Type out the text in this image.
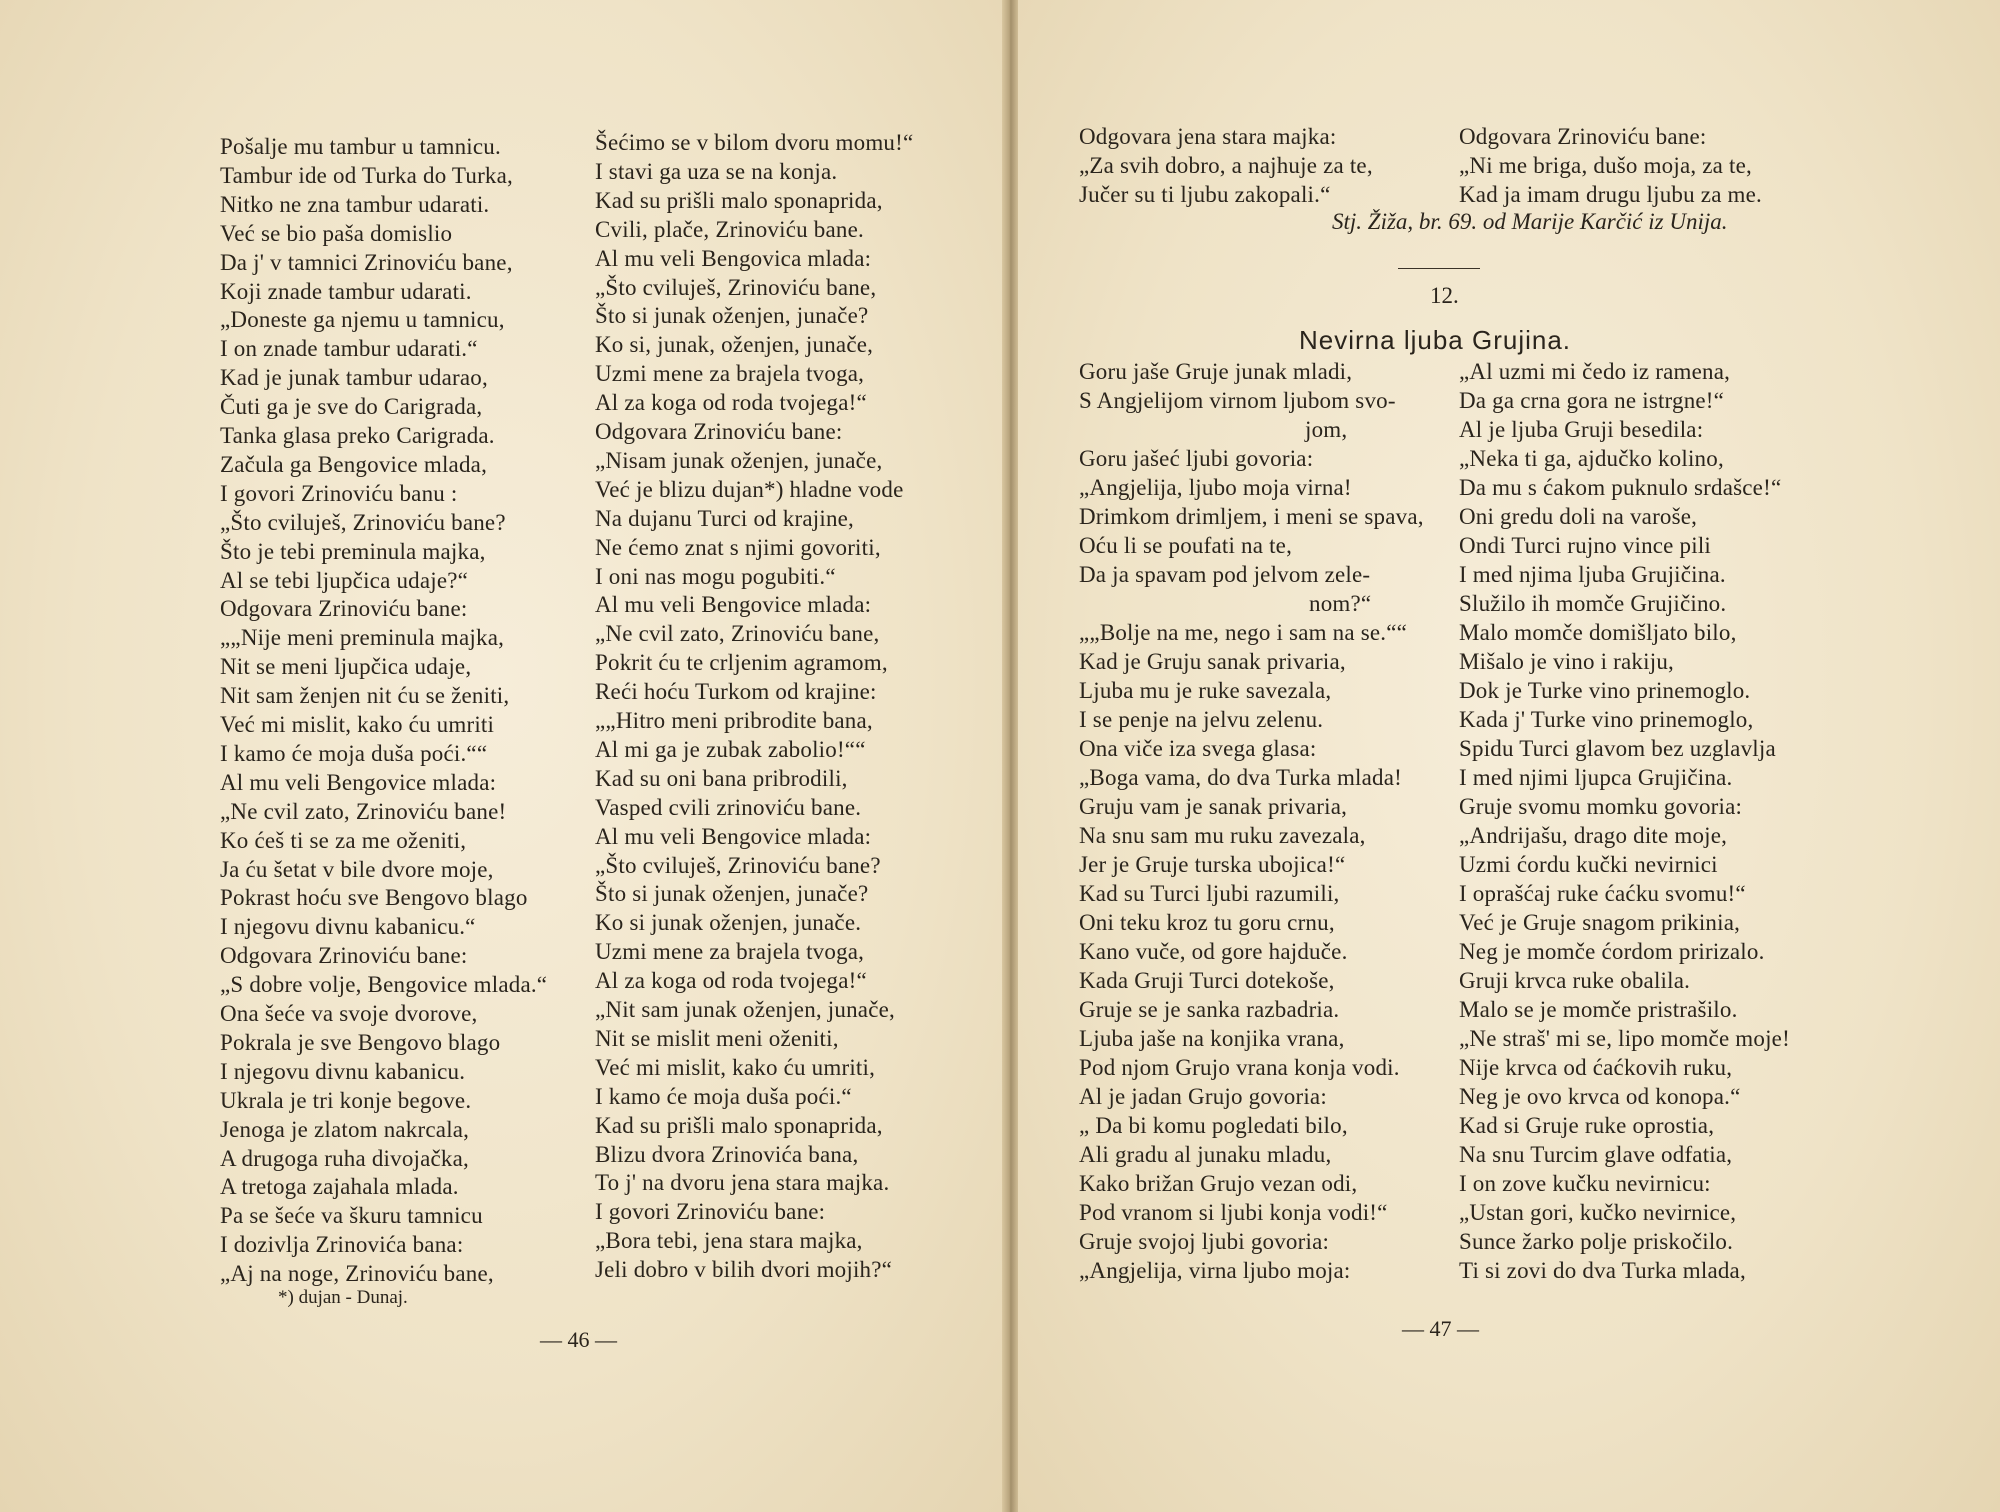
Pošalje mu tambur u tamnicu.
Tambur ide od Turka do Turka,
Nitko ne zna tambur udarati.
Već se bio paša domislio
Da j' v tamnici Zrinoviću bane,
Koji znade tambur udarati.
„Doneste ga njemu u tamnicu,
I on znade tambur udarati.“
Kad je junak tambur udarao,
Čuti ga je sve do Carigrada,
Tanka glasa preko Carigrada.
Začula ga Bengovice mlada,
I govori Zrinoviću banu :
„Što cviluješ, Zrinoviću bane?
Što je tebi preminula majka,
Al se tebi ljupčica udaje?“
Odgovara Zrinoviću bane:
„„Nije meni preminula majka,
Nit se meni ljupčica udaje,
Nit sam ženjen nit ću se ženiti,
Već mi mislit, kako ću umriti
I kamo će moja duša poći.““
Al mu veli Bengovice mlada:
„Ne cvil zato, Zrinoviću bane!
Ko ćeš ti se za me oženiti,
Ja ću šetat v bile dvore moje,
Pokrast hoću sve Bengovo blago
I njegovu divnu kabanicu.“
Odgovara Zrinoviću bane:
„S dobre volje, Bengovice mlada.“
Ona šeće va svoje dvorove,
Pokrala je sve Bengovo blago
I njegovu divnu kabanicu.
Ukrala je tri konje begove.
Jenoga je zlatom nakrcala,
A drugoga ruha divojačka,
A tretoga zajahala mlada.
Pa se šeće va škuru tamnicu
I dozivlja Zrinovića bana:
„Aj na noge, Zrinoviću bane,
Šećimo se v bilom dvoru momu!“
I stavi ga uza se na konja.
Kad su prišli malo sponaprida,
Cvili, plače, Zrinoviću bane.
Al mu veli Bengovica mlada:
„Što cviluješ, Zrinoviću bane,
Što si junak oženjen, junače?
Ko si, junak, oženjen, junače,
Uzmi mene za brajela tvoga,
Al za koga od roda tvojega!“
Odgovara Zrinoviću bane:
„Nisam junak oženjen, junače,
Već je blizu dujan*) hladne vode
Na dujanu Turci od krajine,
Ne ćemo znat s njimi govoriti,
I oni nas mogu pogubiti.“
Al mu veli Bengovice mlada:
„Ne cvil zato, Zrinoviću bane,
Pokrit ću te crljenim agramom,
Reći hoću Turkom od krajine:
„„Hitro meni pribrodite bana,
Al mi ga je zubak zabolio!““
Kad su oni bana pribrodili,
Vasped cvili zrinoviću bane.
Al mu veli Bengovice mlada:
„Što cviluješ, Zrinoviću bane?
Što si junak oženjen, junače?
Ko si junak oženjen, junače.
Uzmi mene za brajela tvoga,
Al za koga od roda tvojega!“
„Nit sam junak oženjen, junače,
Nit se mislit meni oženiti,
Već mi mislit, kako ću umriti,
I kamo će moja duša poći.“
Kad su prišli malo sponaprida,
Blizu dvora Zrinovića bana,
To j' na dvoru jena stara majka.
I govori Zrinoviću bane:
„Bora tebi, jena stara majka,
Jeli dobro v bilih dvori mojih?“
*) dujan - Dunaj.
— 46 —
Odgovara jena stara majka:
„Za svih dobro, a najhuje za te,
Jučer su ti ljubu zakopali.“
Odgovara Zrinoviću bane:
„Ni me briga, dušo moja, za te,
Kad ja imam drugu ljubu za me.
Stj. Žiža, br. 69. od Marije Karčić iz Unija.
12.
Nevirna ljuba Grujina.
Goru jaše Gruje junak mladi,
S Angjelijom virnom ljubom svo-
jom,
Goru jašeć ljubi govoria:
„Angjelija, ljubo moja virna!
Drimkom drimljem, i meni se spava,
Oću li se poufati na te,
Da ja spavam pod jelvom zele-
nom?“
„„Bolje na me, nego i sam na se.““
Kad je Gruju sanak privaria,
Ljuba mu je ruke savezala,
I se penje na jelvu zelenu.
Ona viče iza svega glasa:
„Boga vama, do dva Turka mlada!
Gruju vam je sanak privaria,
Na snu sam mu ruku zavezala,
Jer je Gruje turska ubojica!“
Kad su Turci ljubi razumili,
Oni teku kroz tu goru crnu,
Kano vuče, od gore hajduče.
Kada Gruji Turci dotekoše,
Gruje se je sanka razbadria.
Ljuba jaše na konjika vrana,
Pod njom Grujo vrana konja vodi.
Al je jadan Grujo govoria:
„ Da bi komu pogledati bilo,
Ali gradu al junaku mladu,
Kako brižan Grujo vezan odi,
Pod vranom si ljubi konja vodi!“
Gruje svojoj ljubi govoria:
„Angjelija, virna ljubo moja:
„Al uzmi mi čedo iz ramena,
Da ga crna gora ne istrgne!“
Al je ljuba Gruji besedila:
„Neka ti ga, ajdučko kolino,
Da mu s ćakom puknulo srdašce!“
Oni gredu doli na varoše,
Ondi Turci rujno vince pili
I med njima ljuba Grujičina.
Služilo ih momče Grujičino.
Malo momče domišljato bilo,
Mišalo je vino i rakiju,
Dok je Turke vino prinemoglo.
Kada j' Turke vino prinemoglo,
Spidu Turci glavom bez uzglavlja
I med njimi ljupca Grujičina.
Gruje svomu momku govoria:
„Andrijašu, drago dite moje,
Uzmi ćordu kučki nevirnici
I oprašćaj ruke ćaćku svomu!“
Već je Gruje snagom prikinia,
Neg je momče ćordom pririzalo.
Gruji krvca ruke obalila.
Malo se je momče pristrašilo.
„Ne straš' mi se, lipo momče moje!
Nije krvca od ćaćkovih ruku,
Neg je ovo krvca od konopa.“
Kad si Gruje ruke oprostia,
Na snu Turcim glave odfatia,
I on zove kučku nevirnicu:
„Ustan gori, kučko nevirnice,
Sunce žarko polje priskočilo.
Ti si zovi do dva Turka mlada,
— 47 —
